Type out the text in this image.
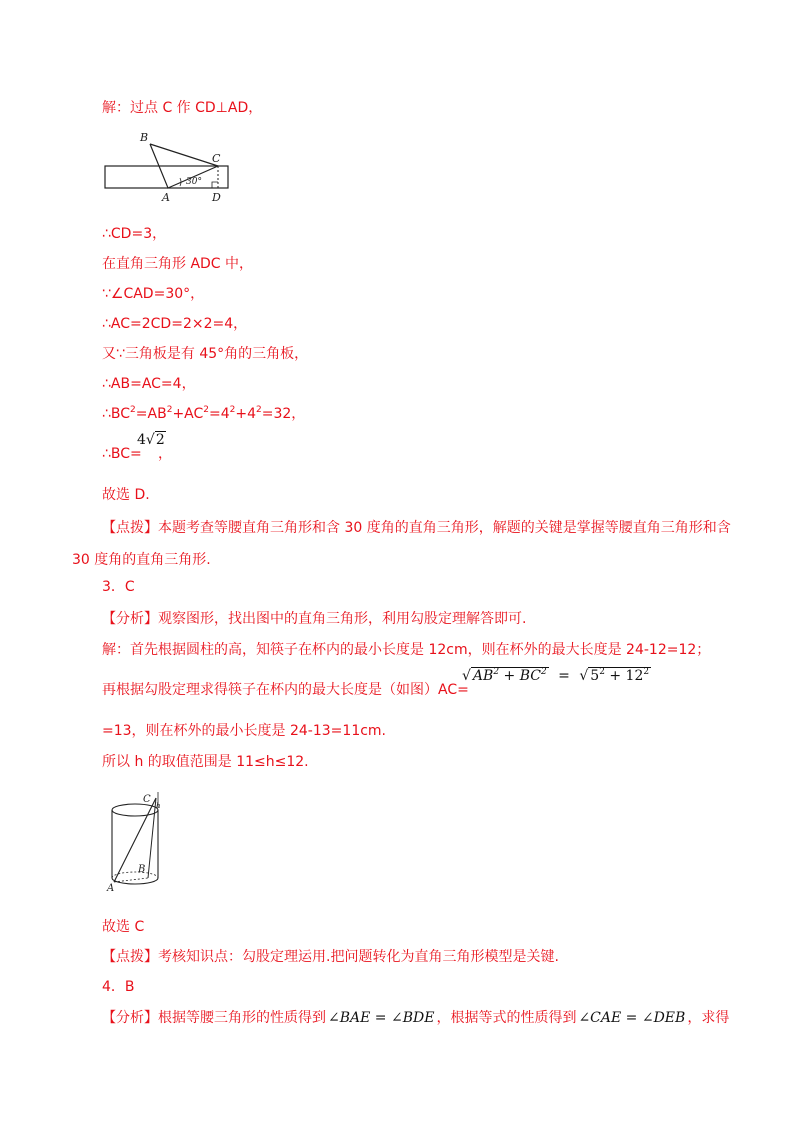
解：过点 C 作 CD⊥AD，
B
C
A	D
30°
∴CD=3，
在直角三角形 ADC 中，
∵∠CAD=30°，
∴AC=2CD=2×2=4，
又∵三角板是有 45°角的三角板，
∴AB=AC=4，
$\therefore BC^2=AB^2+AC^2=4^2+4^2=32$，
∴BC=
4√2
，
故选 D.
【点拨】本题考查等腰直角三角形和含 30 度角的直角三角形，解题的关键是掌握等腰直角三角形和含
30 度角的直角三角形.
3．C
【分析】观察图形，找出图中的直角三角形，利用勾股定理解答即可.
解：首先根据圆柱的高，知筷子在杯内的最小长度是 12cm，则在杯外的最大长度是 24-12=12；
再根据勾股定理求得筷子在杯内的最大长度是（如图）AC=
√ $AB^2 + BC^2$ = √ $5^2 + 12^2$
=13，则在杯外的最小长度是 24-13=11cm.
所以 h 的取值范围是 11≤h≤12.
C
h
B
A
故选 C
【点拨】考核知识点：勾股定理运用.把问题转化为直角三角形模型是关键.
4．B
【分析】根据等腰三角形的性质得到 ∠BAE = ∠BDE ，根据等式的性质得到 ∠CAE = ∠DEB ，求得
